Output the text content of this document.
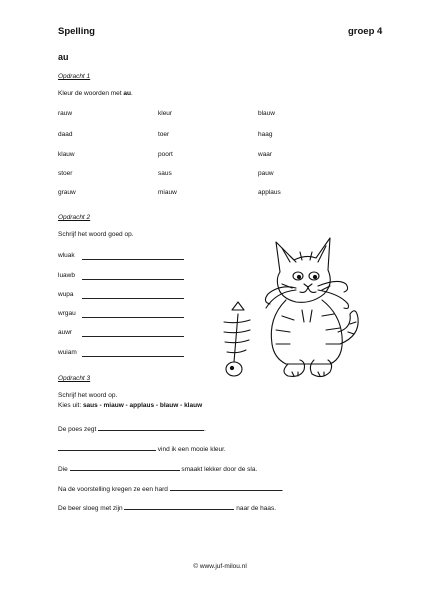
Spelling	groep 4
au
Opdracht 1
Kleur de woorden met au.
rauw	kleur	blauw
daad	toer	haag
klauw	poort	waar
stoer	saus	pauw
grauw	miauw	applaus
Opdracht 2
Schrijf het woord goed op.
wluak
luawb
wupa
wrgau
auwr
wuiam
Opdracht 3
Schrijf het woord op.
Kies uit: saus - miauw - applaus - blauw - klauw
De poes zegt	.
vind ik een mooie kleur.
Die	smaakt lekker door de sla.
Na de voorstelling kregen ze een hard	.
De beer sloeg met zijn	naar de haas.
© www.juf-milou.nl
